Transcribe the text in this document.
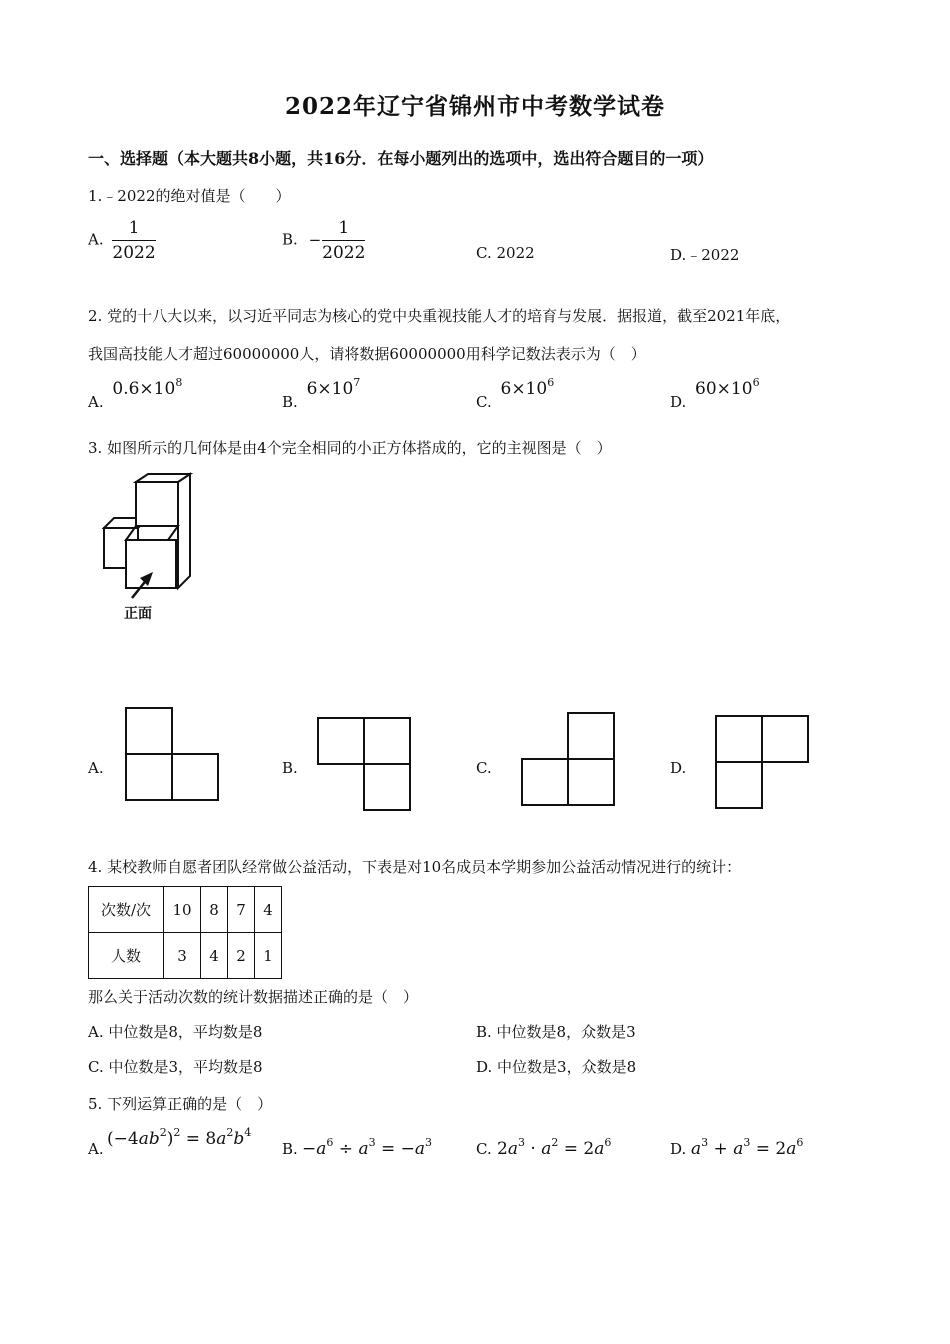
2022年辽宁省锦州市中考数学试卷
一、选择题（本大题共8小题，共16分．在每小题列出的选项中，选出符合题目的一项）
1.﹣2022的绝对值是（　　）
A. $\frac{1}{2022}$	B. − $\frac{1}{2022}$	C. 2022	D.﹣2022
2. 党的十八大以来，以习近平同志为核心的党中央重视技能人才的培育与发展．据报道，截至2021年底，
我国高技能人才超过60000000人，请将数据60000000用科学记数法表示为（　）
A. $0.6\times 10^8$
B. $6\times 10^7$
C. $6\times 10^6$
D. $60\times 10^6$
3. 如图所示的几何体是由4个完全相同的小正方体搭成的，它的主视图是（　）
正面
A.	B.	C.	D.
4. 某校教师自愿者团队经常做公益活动，下表是对10名成员本学期参加公益活动情况进行的统计：
次数/次	10	8	7	4
人数	3	4	2	1
那么关于活动次数的统计数据描述正确的是（　）
A. 中位数是8，平均数是8	B. 中位数是8，众数是3
C. 中位数是3，平均数是8	D. 中位数是3，众数是8
5. 下列运算正确的是（　）
A. $(-4ab^2)^2 = 8a^2b^4$
B. $-a^6 \div a^3 = -a^3$	C. $2a^3 \cdot a^2 = 2a^6$	D. $a^3 + a^3 = 2a^6$
